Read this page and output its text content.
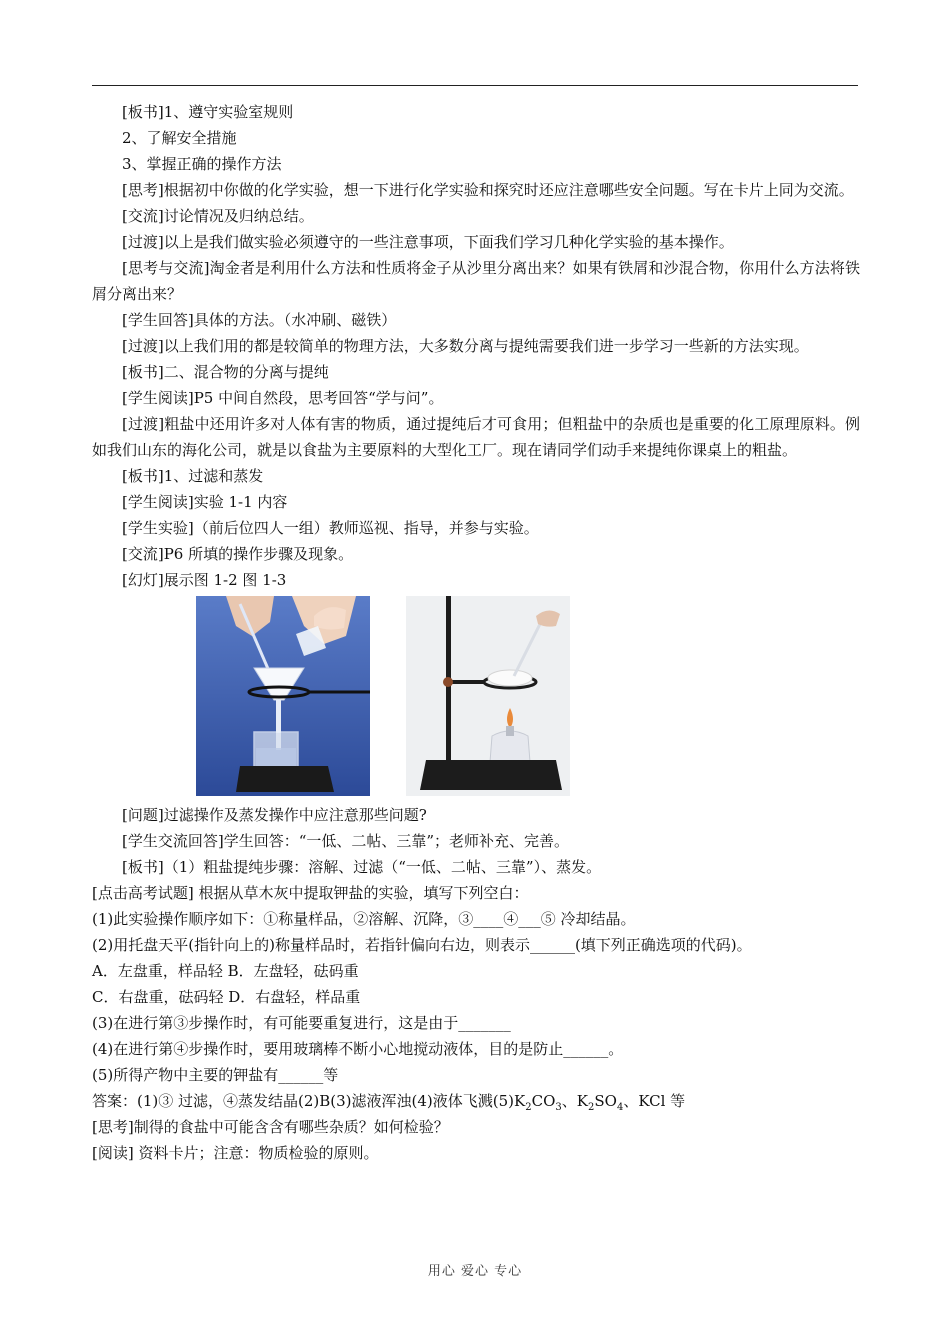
[板书]1、遵守实验室规则

2、了解安全措施

3、掌握正确的操作方法

[思考]根据初中你做的化学实验，想一下进行化学实验和探究时还应注意哪些安全问题。写在卡片上同为交流。

[交流]讨论情况及归纳总结。

[过渡]以上是我们做实验必须遵守的一些注意事项，下面我们学习几种化学实验的基本操作。

[思考与交流]淘金者是利用什么方法和性质将金子从沙里分离出来？如果有铁屑和沙混合物，你用什么方法将铁屑分离出来？

[学生回答]具体的方法。（水冲刷、磁铁）

[过渡]以上我们用的都是较简单的物理方法，大多数分离与提纯需要我们进一步学习一些新的方法实现。

[板书]二、混合物的分离与提纯

[学生阅读]P5 中间自然段，思考回答“学与问”。

[过渡]粗盐中还用许多对人体有害的物质，通过提纯后才可食用；但粗盐中的杂质也是重要的化工原理原料。例如我们山东的海化公司，就是以食盐为主要原料的大型化工厂。现在请同学们动手来提纯你课桌上的粗盐。

[板书]1、过滤和蒸发

[学生阅读]实验 1-1 内容

[学生实验]（前后位四人一组）教师巡视、指导，并参与实验。

[交流]P6 所填的操作步骤及现象。

[幻灯]展示图 1-2 图 1-3

[问题]过滤操作及蒸发操作中应注意那些问题?

[学生交流回答]学生回答：“一低、二帖、三靠”；老师补充、完善。

[板书]（1）粗盐提纯步骤：溶解、过滤（“一低、二帖、三靠”）、蒸发。

[点击高考试题] 根据从草木灰中提取钾盐的实验，填写下列空白：

(1)此实验操作顺序如下：①称量样品，②溶解、沉降，③____④___⑤ 冷却结晶。

(2)用托盘天平(指针向上的)称量样品时，若指针偏向右边，则表示______(填下列正确选项的代码)。

A．左盘重，样品轻 B．左盘轻，砝码重

C．右盘重，砝码轻 D．右盘轻，样品重

(3)在进行第③步操作时，有可能要重复进行，这是由于_______

(4)在进行第④步操作时，要用玻璃棒不断小心地搅动液体，目的是防止______。

(5)所得产物中主要的钾盐有______等

答案：(1)③ 过滤，④蒸发结晶(2)B(3)滤液浑浊(4)液体飞溅$(5)K_2CO_3$、$K_2SO_4$、KCl 等

[思考]制得的食盐中可能含含有哪些杂质？如何检验？

[阅读] 资料卡片；注意：物质检验的原则。

用心 爱心 专心
